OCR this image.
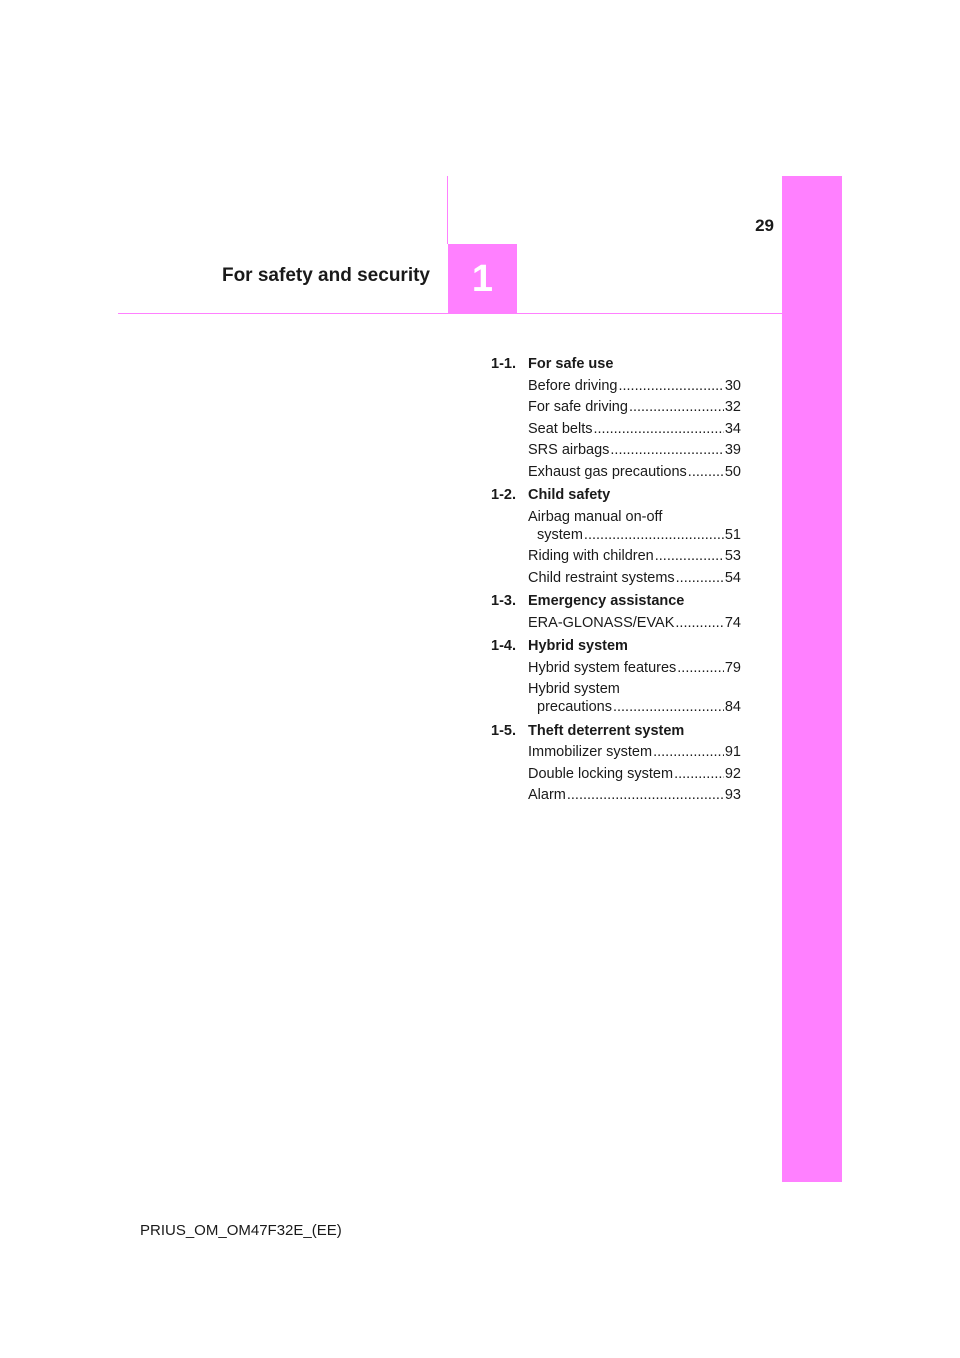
29
For safety and security 1
1-1. For safe use
Before driving .....	30
For safe driving .....	32
Seat belts .....	34
SRS airbags .....	39
Exhaust gas precautions .....	50
1-2. Child safety
Airbag manual on-off
system .....	51
Riding with children .....	53
Child restraint systems .....	54
1-3. Emergency assistance
ERA-GLONASS/EVAK .....	74
1-4. Hybrid system
Hybrid system features .....	79
Hybrid system
precautions .....	84
1-5. Theft deterrent system
Immobilizer system .....	91
Double locking system .....	92
Alarm .....	93
PRIUS_OM_OM47F32E_(EE)
